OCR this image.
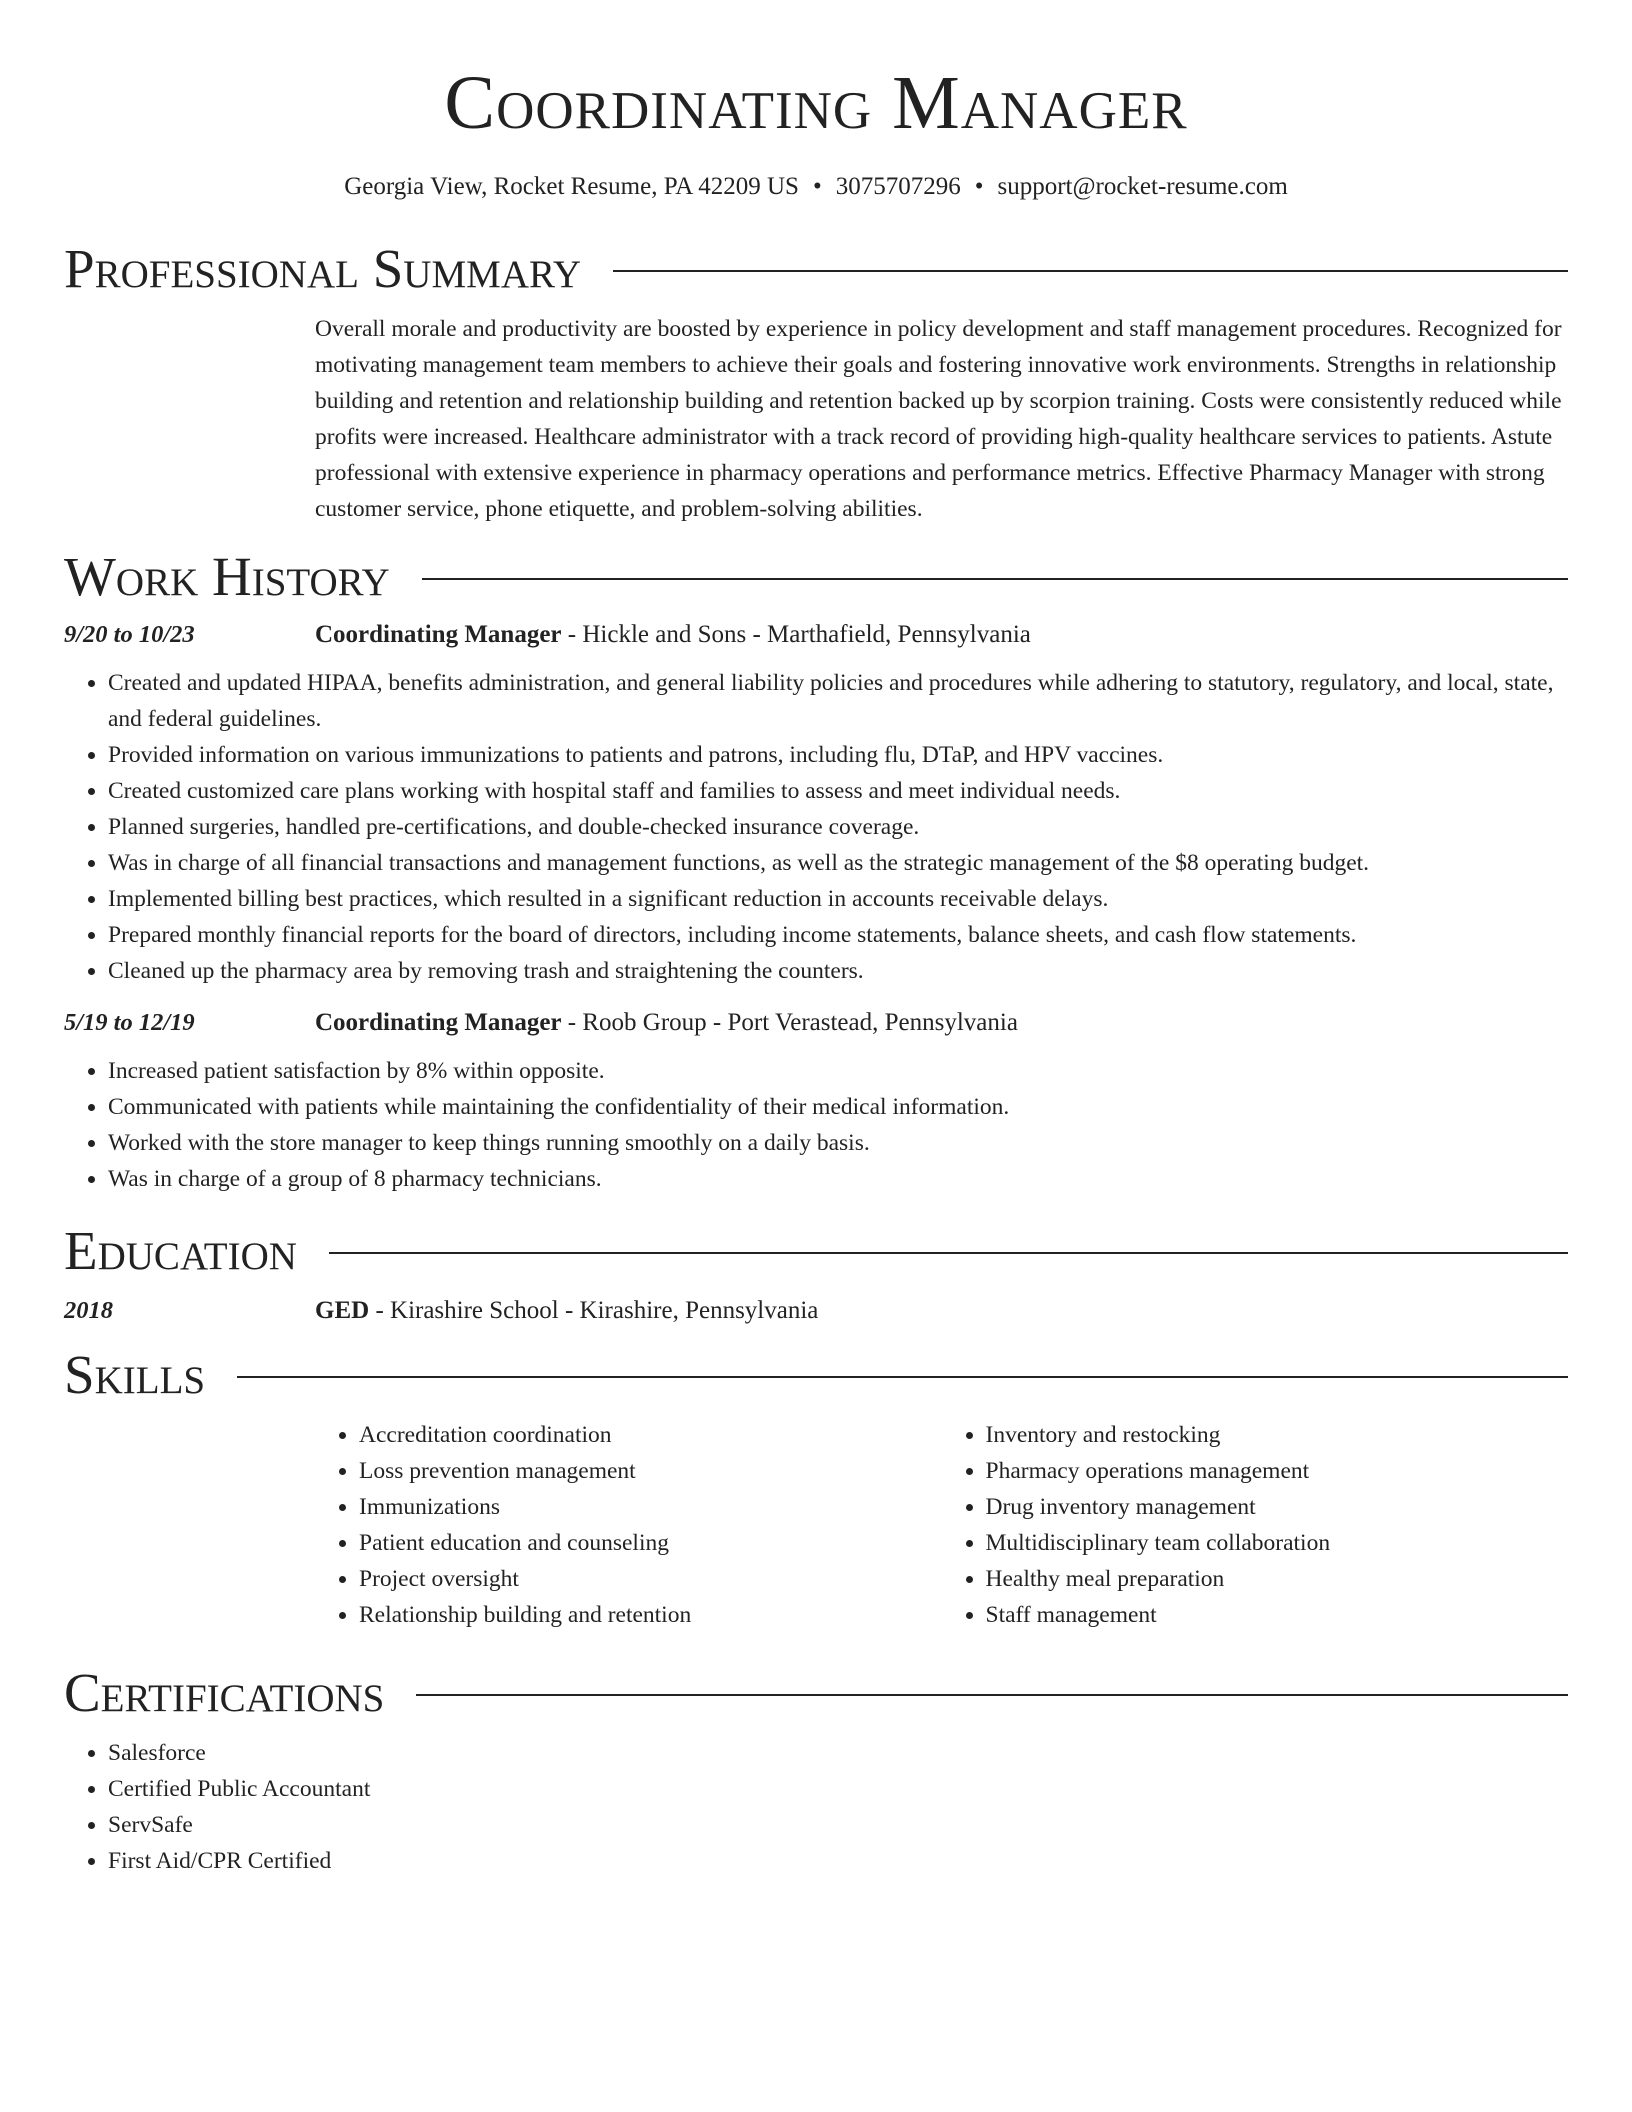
Coordinating Manager
Georgia View, Rocket Resume, PA 42209 US • 3075707296 • support@rocket-resume.com
Professional Summary
Overall morale and productivity are boosted by experience in policy development and staff management procedures. Recognized for motivating management team members to achieve their goals and fostering innovative work environments. Strengths in relationship building and retention and relationship building and retention backed up by scorpion training. Costs were consistently reduced while profits were increased. Healthcare administrator with a track record of providing high-quality healthcare services to patients. Astute professional with extensive experience in pharmacy operations and performance metrics. Effective Pharmacy Manager with strong customer service, phone etiquette, and problem-solving abilities.
Work History
9/20 to 10/23	Coordinating Manager - Hickle and Sons - Marthafield, Pennsylvania
• Created and updated HIPAA, benefits administration, and general liability policies and procedures while adhering to statutory, regulatory, and local, state, and federal guidelines.
• Provided information on various immunizations to patients and patrons, including flu, DTaP, and HPV vaccines.
• Created customized care plans working with hospital staff and families to assess and meet individual needs.
• Planned surgeries, handled pre-certifications, and double-checked insurance coverage.
• Was in charge of all financial transactions and management functions, as well as the strategic management of the $8 operating budget.
• Implemented billing best practices, which resulted in a significant reduction in accounts receivable delays.
• Prepared monthly financial reports for the board of directors, including income statements, balance sheets, and cash flow statements.
• Cleaned up the pharmacy area by removing trash and straightening the counters.
5/19 to 12/19	Coordinating Manager - Roob Group - Port Verastead, Pennsylvania
• Increased patient satisfaction by 8% within opposite.
• Communicated with patients while maintaining the confidentiality of their medical information.
• Worked with the store manager to keep things running smoothly on a daily basis.
• Was in charge of a group of 8 pharmacy technicians.
Education
2018	GED - Kirashire School - Kirashire, Pennsylvania
Skills
• Accreditation coordination
• Loss prevention management
• Immunizations
• Patient education and counseling
• Project oversight
• Relationship building and retention
• Inventory and restocking
• Pharmacy operations management
• Drug inventory management
• Multidisciplinary team collaboration
• Healthy meal preparation
• Staff management
Certifications
• Salesforce
• Certified Public Accountant
• ServSafe
• First Aid/CPR Certified
